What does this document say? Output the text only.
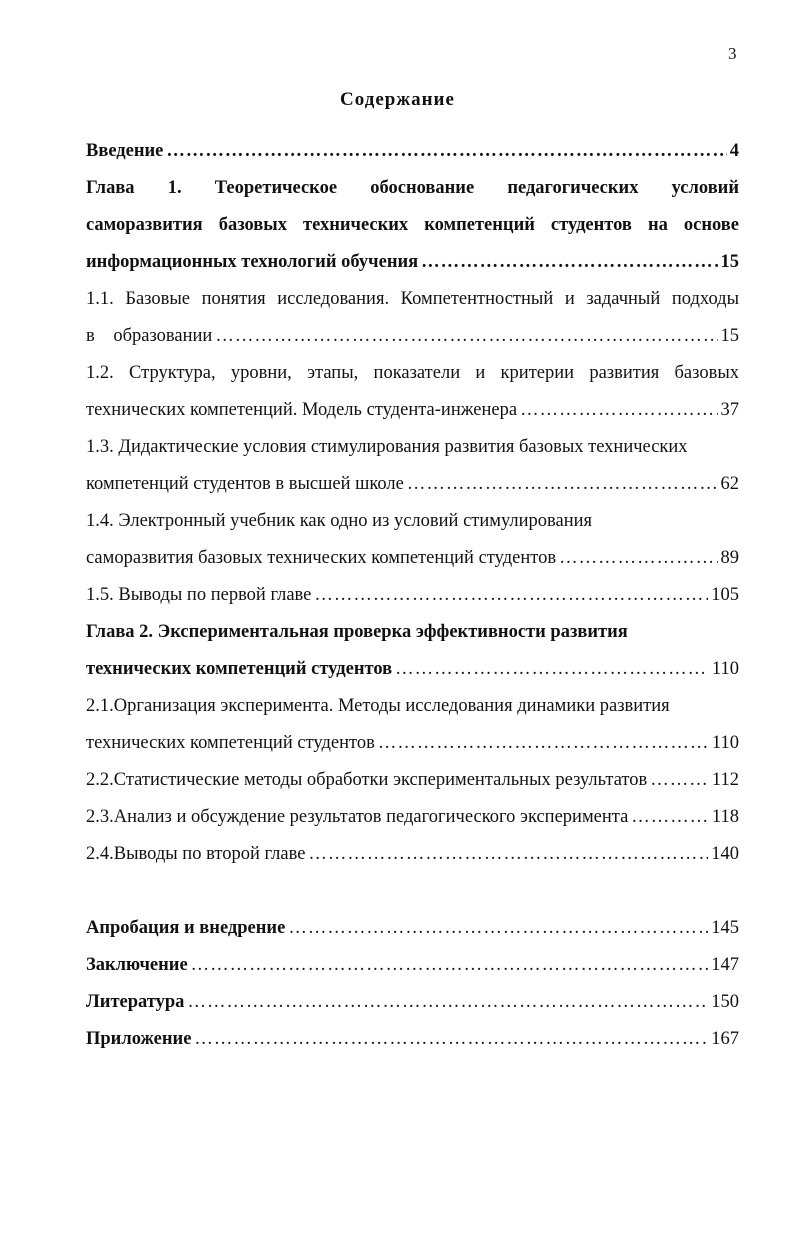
3
Содержание
Введение …………………………………………………………………………………………………………………………………………………………………………	4
Глава 1. Теоретическое обоснование педагогических условий
саморазвития базовых технических компетенций студентов на основе
информационных технологий обучения …………………………………………………………………………………………………………………………………………………………………………	15
1.1. Базовые понятия исследования. Компетентностный и задачный подходы
в образовании …………………………………………………………………………………………………………………………………………………………………………	15
1.2. Структура, уровни, этапы, показатели и критерии развития базовых
технических компетенций. Модель студента-инженера …………………………………………………………………………………………………………………………………………………………………………	37
1.3. Дидактические условия стимулирования развития базовых технических
компетенций студентов в высшей школе …………………………………………………………………………………………………………………………………………………………………………	62
1.4. Электронный учебник как одно из условий стимулирования
саморазвития базовых технических компетенций студентов …………………………………………………………………………………………………………………………………………………………………………	89
1.5. Выводы по первой главе …………………………………………………………………………………………………………………………………………………………………………	105
Глава 2. Экспериментальная проверка эффективности развития
технических компетенций студентов …………………………………………………………………………………………………………………………………………………………………………	110
2.1.Организация эксперимента. Методы исследования динамики развития
технических компетенций студентов …………………………………………………………………………………………………………………………………………………………………………	110
2.2.Статистические методы обработки экспериментальных результатов …………………………………………………………………………………………………………………………………………………………………………	112
2.3.Анализ и обсуждение результатов педагогического эксперимента …………………………………………………………………………………………………………………………………………………………………………	118
2.4.Выводы по второй главе …………………………………………………………………………………………………………………………………………………………………………	140
Апробация и внедрение …………………………………………………………………………………………………………………………………………………………………………	145
Заключение …………………………………………………………………………………………………………………………………………………………………………	147
Литература …………………………………………………………………………………………………………………………………………………………………………	150
Приложение …………………………………………………………………………………………………………………………………………………………………………	167
